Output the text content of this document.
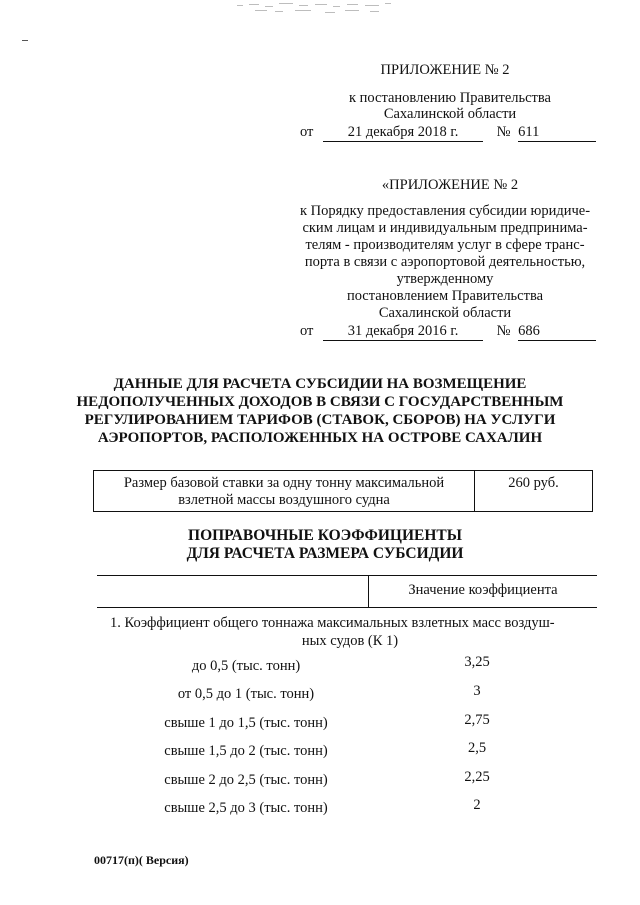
ПРИЛОЖЕНИЕ № 2
к постановлению Правительства
Сахалинской области
от 21 декабря 2018 г.	№ 611
«ПРИЛОЖЕНИЕ № 2
к Порядку предоставления субсидии юридиче-
ским лицам и индивидуальным предпринима-
телям - производителям услуг в сфере транс-
порта в связи с аэропортовой деятельностью,
утвержденному
постановлением Правительства
Сахалинской области
от 31 декабря 2016 г.	№ 686
ДАННЫЕ ДЛЯ РАСЧЕТА СУБСИДИИ НА ВОЗМЕЩЕНИЕ
НЕДОПОЛУЧЕННЫХ ДОХОДОВ В СВЯЗИ С ГОСУДАРСТВЕННЫМ
РЕГУЛИРОВАНИЕМ ТАРИФОВ (СТАВОК, СБОРОВ) НА УСЛУГИ
АЭРОПОРТОВ, РАСПОЛОЖЕННЫХ НА ОСТРОВЕ САХАЛИН
Размер базовой ставки за одну тонну максимальной
взлетной массы воздушного судна
260 руб.
ПОПРАВОЧНЫЕ КОЭФФИЦИЕНТЫ
ДЛЯ РАСЧЕТА РАЗМЕРА СУБСИДИИ
Значение коэффициента
1. Коэффициент общего тоннажа максимальных взлетных масс воздуш-
ных судов (К 1)
до 0,5 (тыс. тонн)	3,25
от 0,5 до 1 (тыс. тонн)	3
свыше 1 до 1,5 (тыс. тонн)	2,75
свыше 1,5 до 2 (тыс. тонн)	2,5
свыше 2 до 2,5 (тыс. тонн)	2,25
свыше 2,5 до 3 (тыс. тонн)	2
00717(п)( Версия)
